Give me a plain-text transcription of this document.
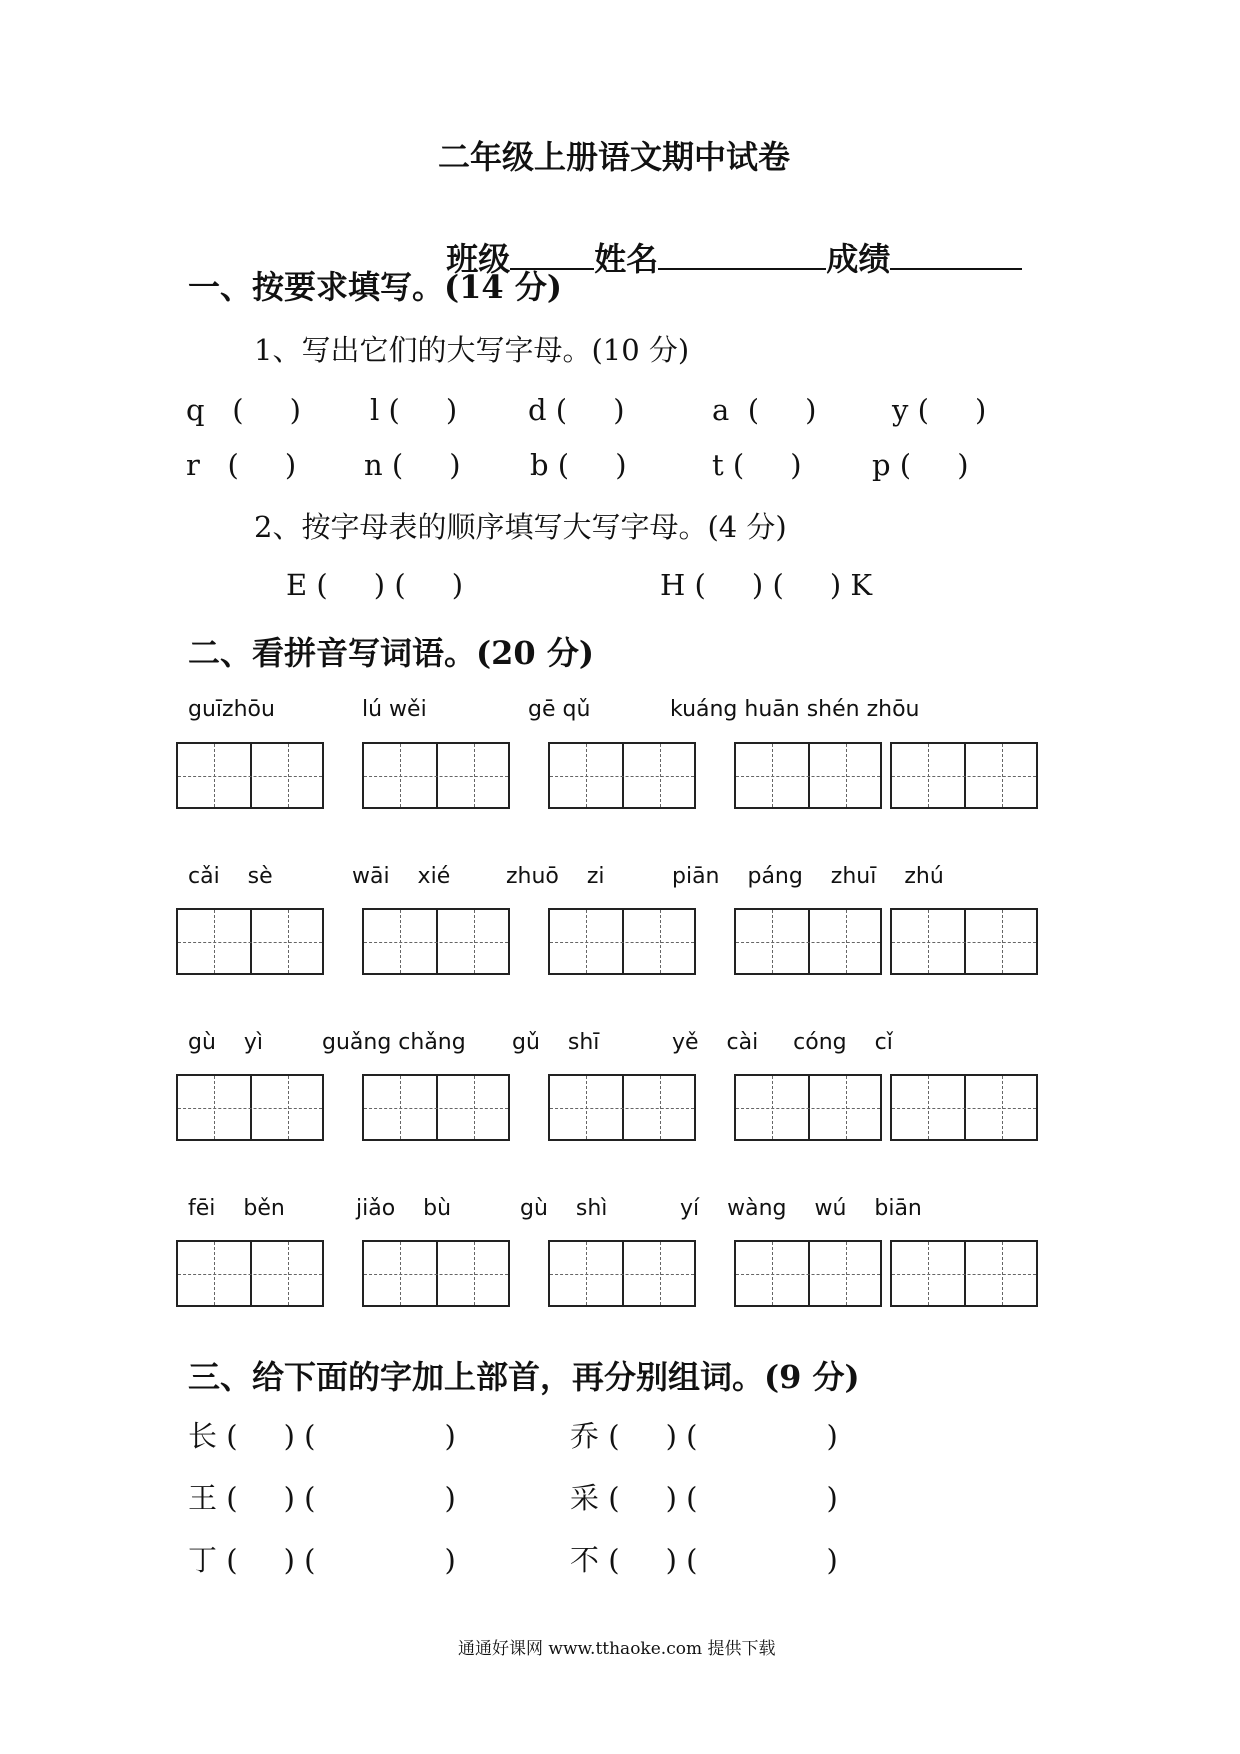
二年级上册语文期中试卷

班级	姓名	成绩

一、按要求填写。(14 分)
1、写出它们的大写字母。(10 分)
q   (     ) l (     ) d (     )	a  (     )	y (     )
r   (     ) n (     ) b (     )	t (     ) p (     )
2、按字母表的顺序填写大写字母。(4 分)
E (     ) (     )	H (     ) (     ) K
二、看拼音写词语。(20 分)
guīzhōu	lú wěi	gē qǔ	kuáng huān shén zhōu
cǎi    sè	wāi    xié	zhuō    zi	piān    páng    zhuī    zhú
gù    yì	guǎng chǎng gǔ    shī	yě    cài     cóng    cǐ
fēi    běn	jiǎo    bù	gù    shì	yí    wàng    wú    biān
三、给下面的字加上部首，再分别组词。(9 分)
长 (     ) (              )	乔 (     ) (              )
王 (     ) (              )	采 (     ) (              )
丁 (     ) (              )	不 (     ) (              )
通通好课网 www.tthaoke.com 提供下载
